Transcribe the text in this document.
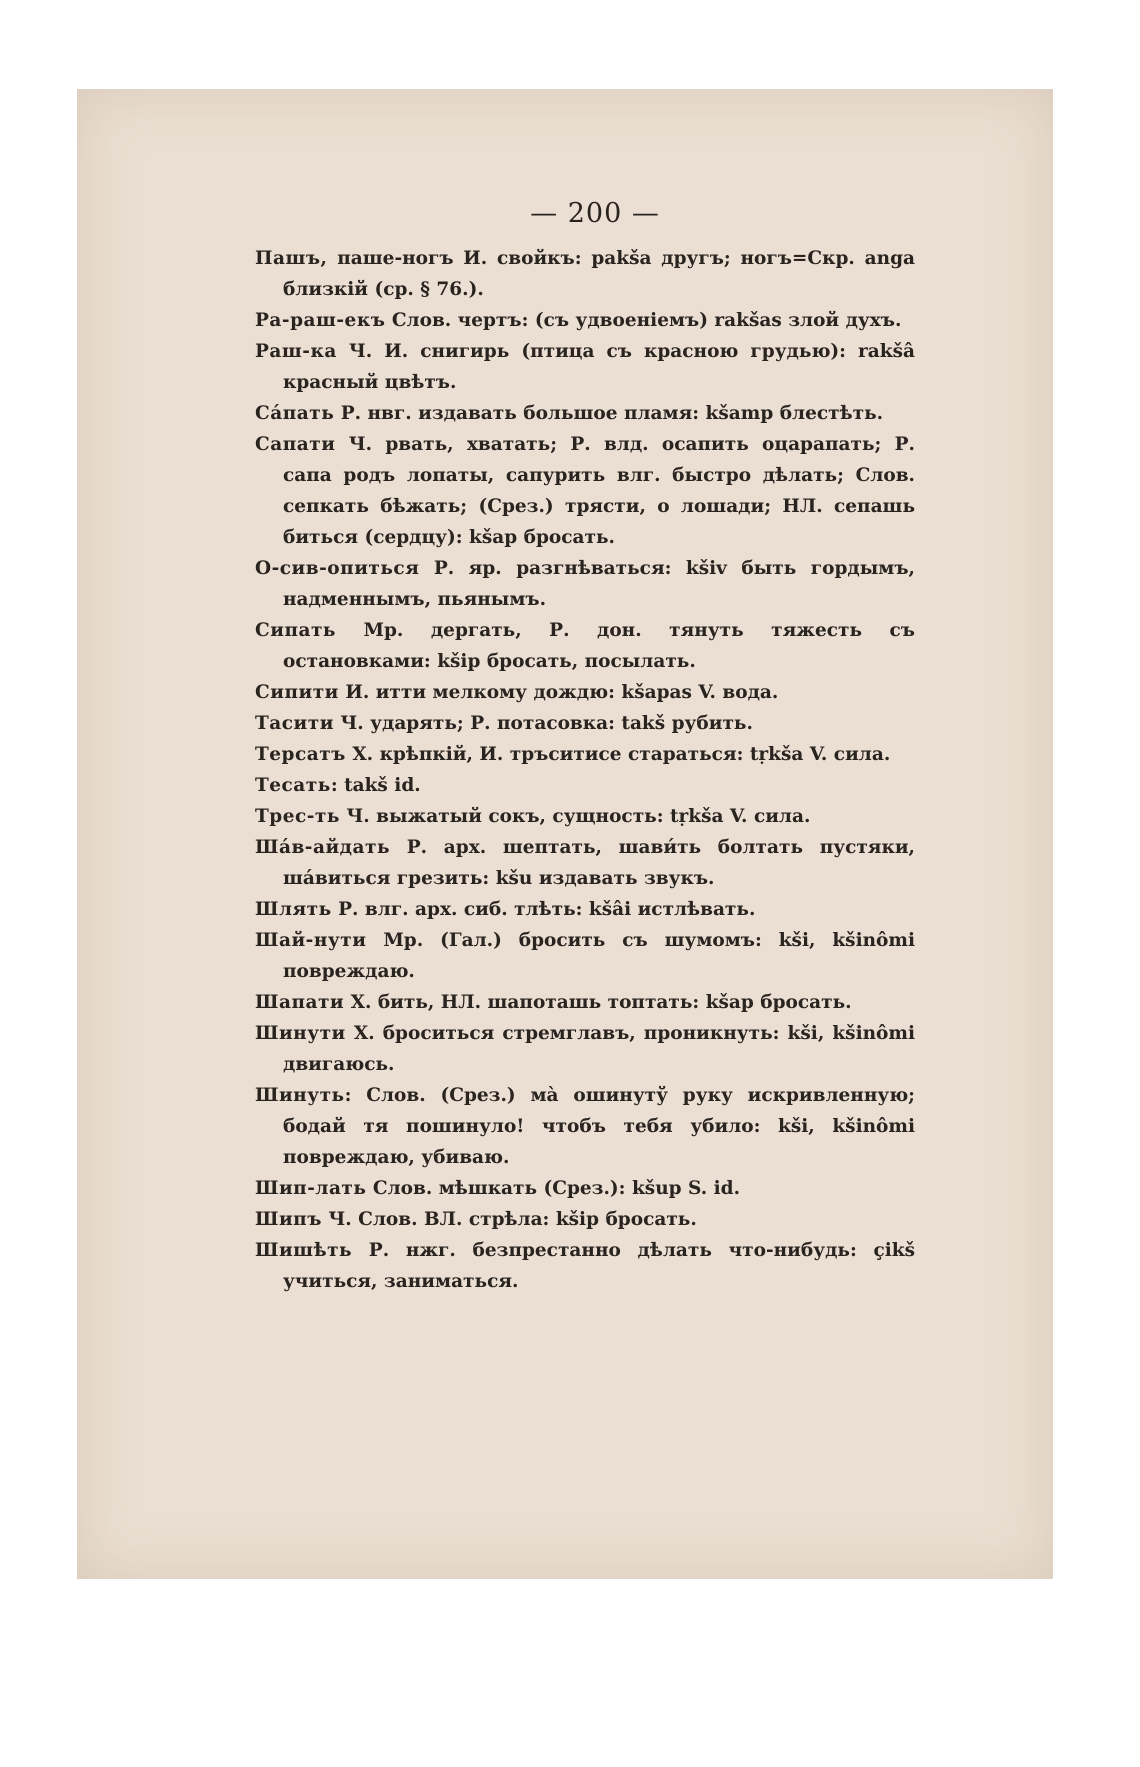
— 200 —
Пашъ, паше-ногъ И. свойкъ: pakša другъ; ногъ=Скр. anga близкій (ср. § 76.).
Ра-раш-екъ Слов. чертъ: (съ удвоеніемъ) rakšas злой духъ.
Раш-ка Ч. И. снигирь (птица съ красною грудью): rakšâ красный цвѣтъ.
Са́пать Р. нвг. издавать большое пламя: kšamp блестѣть.
Сапати Ч. рвать, хватать; Р. влд. осапить оцарапать; Р. сапа родъ лопаты, сапурить влг. быстро дѣлать; Слов. сепкать бѣжать; (Срез.) трясти, о лошади; НЛ. сепашь биться (сердцу): kšap бросать.
О-сив-опиться Р. яр. разгнѣваться: kšiv быть гордымъ, надменнымъ, пьянымъ.
Сипать Мр. дергать, Р. дон. тянуть тяжесть съ остановками: kšip бросать, посылать.
Сипити И. итти мелкому дождю: kšapas V. вода.
Тасити Ч. ударять; Р. потасовка: takš рубить.
Терсатъ Х. крѣпкій, И. тръситисе стараться: tṛkša V. сила.
Тесать: takš id.
Трес-ть Ч. выжатый сокъ, сущность: tṛkša V. сила.
Ша́в-айдать Р. арх. шептать, шави́ть болтать пустяки, ша́виться грезить: kšu издавать звукъ.
Шлять Р. влг. арх. сиб. тлѣть: kšâi истлѣвать.
Шай-нути Мр. (Гал.) бросить съ шумомъ: kši, kšinômi повреждаю.
Шапати Х. бить, НЛ. шапоташь топтать: kšap бросать.
Шинути Х. броситься стремглавъ, проникнуть: kši, kšinômi двигаюсь.
Шинуть: Слов. (Срез.) мà ошинутў руку искривленную; бодай тя пошинуло! чтобъ тебя убило: kši, kšinômi повреждаю, убиваю.
Шип-лать Слов. мѣшкать (Срез.): kšup S. id.
Шипъ Ч. Слов. ВЛ. стрѣла: kšip бросать.
Шишѣть Р. нжг. безпрестанно дѣлать что-нибудь: çikš учиться, заниматься.
